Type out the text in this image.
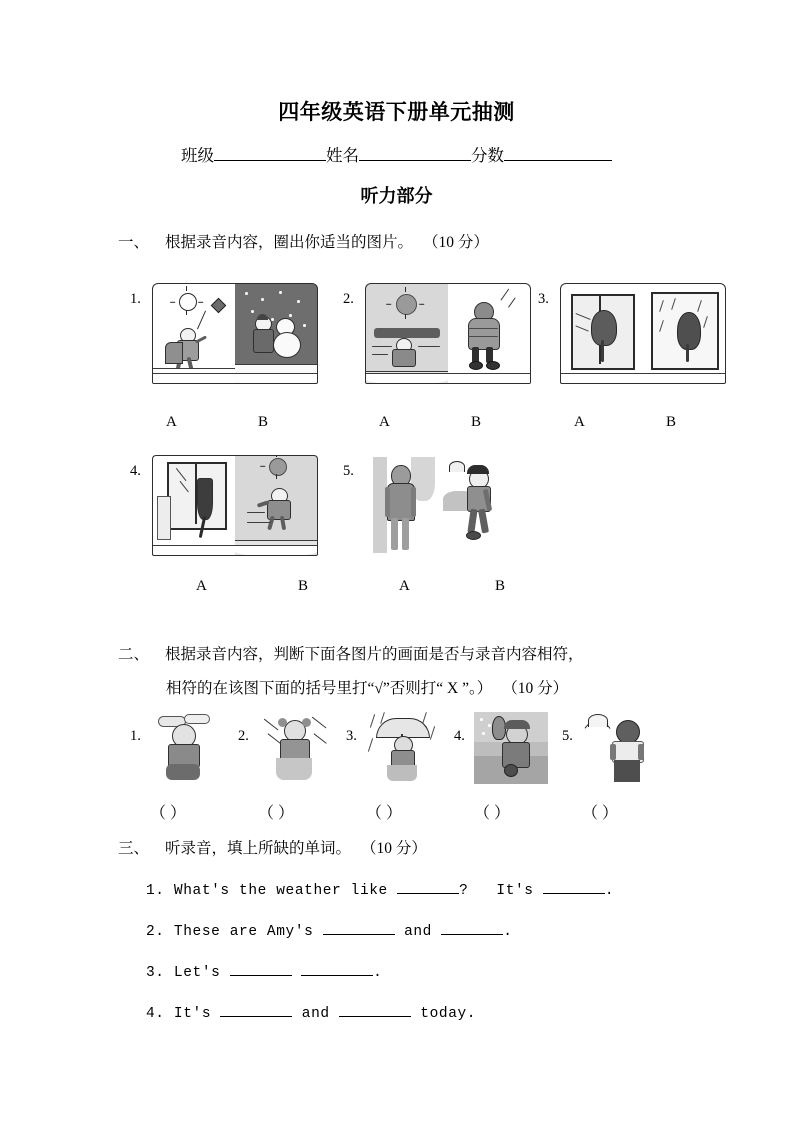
四年级英语下册单元抽测
班级	姓名	分数
听力部分
一、 根据录音内容，圈出你适当的图片。 （10 分）
1.
A	B
2.
A	B
3.
A	B
4.
A	B
5.
A	B
二、 根据录音内容，判断下面各图片的画面是否与录音内容相符，
相符的在该图下面的括号里打“√”否则打“ X ”。） （10 分）
1.
（ ）
2.
（ ）
3.
（ ）
4.
（ ）
5.
（ ）
三、 听录音，填上所缺的单词。 （10 分）
1. What's the weather like	? It's	.
2. These are Amy's	and	.
3. Let's	.
4. It's	and	today.
